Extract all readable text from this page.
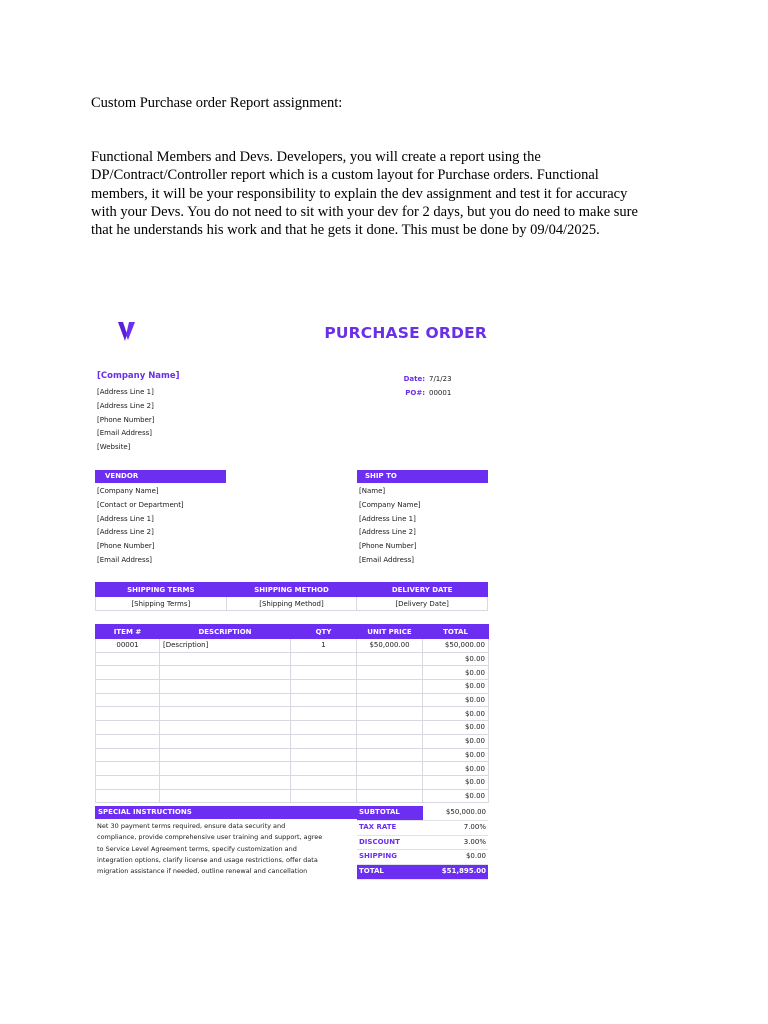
Custom Purchase order Report assignment:
Functional Members and Devs. Developers, you will create a report using the
DP/Contract/Controller report which is a custom layout for Purchase orders. Functional
members, it will be your responsibility to explain the dev assignment and test it for accuracy
with your Devs. You do not need to sit with your dev for 2 days, but you do need to make sure
that he understands his work and that he gets it done. This must be done by 09/04/2025.
PURCHASE ORDER
[Company Name]
[Address Line 1]
[Address Line 2]
[Phone Number]
[Email Address]
[Website]
Date: 7/1/23
PO#: 00001
VENDOR
[Company Name]
[Contact or Department]
[Address Line 1]
[Address Line 2]
[Phone Number]
[Email Address]
SHIP TO
[Name]
[Company Name]
[Address Line 1]
[Address Line 2]
[Phone Number]
[Email Address]
SHIPPING TERMS	SHIPPING METHOD	DELIVERY DATE
[Shipping Terms]	[Shipping Method]	[Delivery Date]
ITEM #	DESCRIPTION	QTY	UNIT PRICE	TOTAL
00001	[Description]	1	$50,000.00	$50,000.00
				$0.00
				$0.00
				$0.00
				$0.00
				$0.00
				$0.00
				$0.00
				$0.00
				$0.00
				$0.00
				$0.00
SPECIAL INSTRUCTIONS
Net 30 payment terms required, ensure data security and
compliance, provide comprehensive user training and support, agree
to Service Level Agreement terms, specify customization and
integration options, clarify license and usage restrictions, offer data
migration assistance if needed, outline renewal and cancellation
SUBTOTAL	$50,000.00
TAX RATE	7.00%
DISCOUNT	3.00%
SHIPPING	$0.00
TOTAL	$51,895.00
